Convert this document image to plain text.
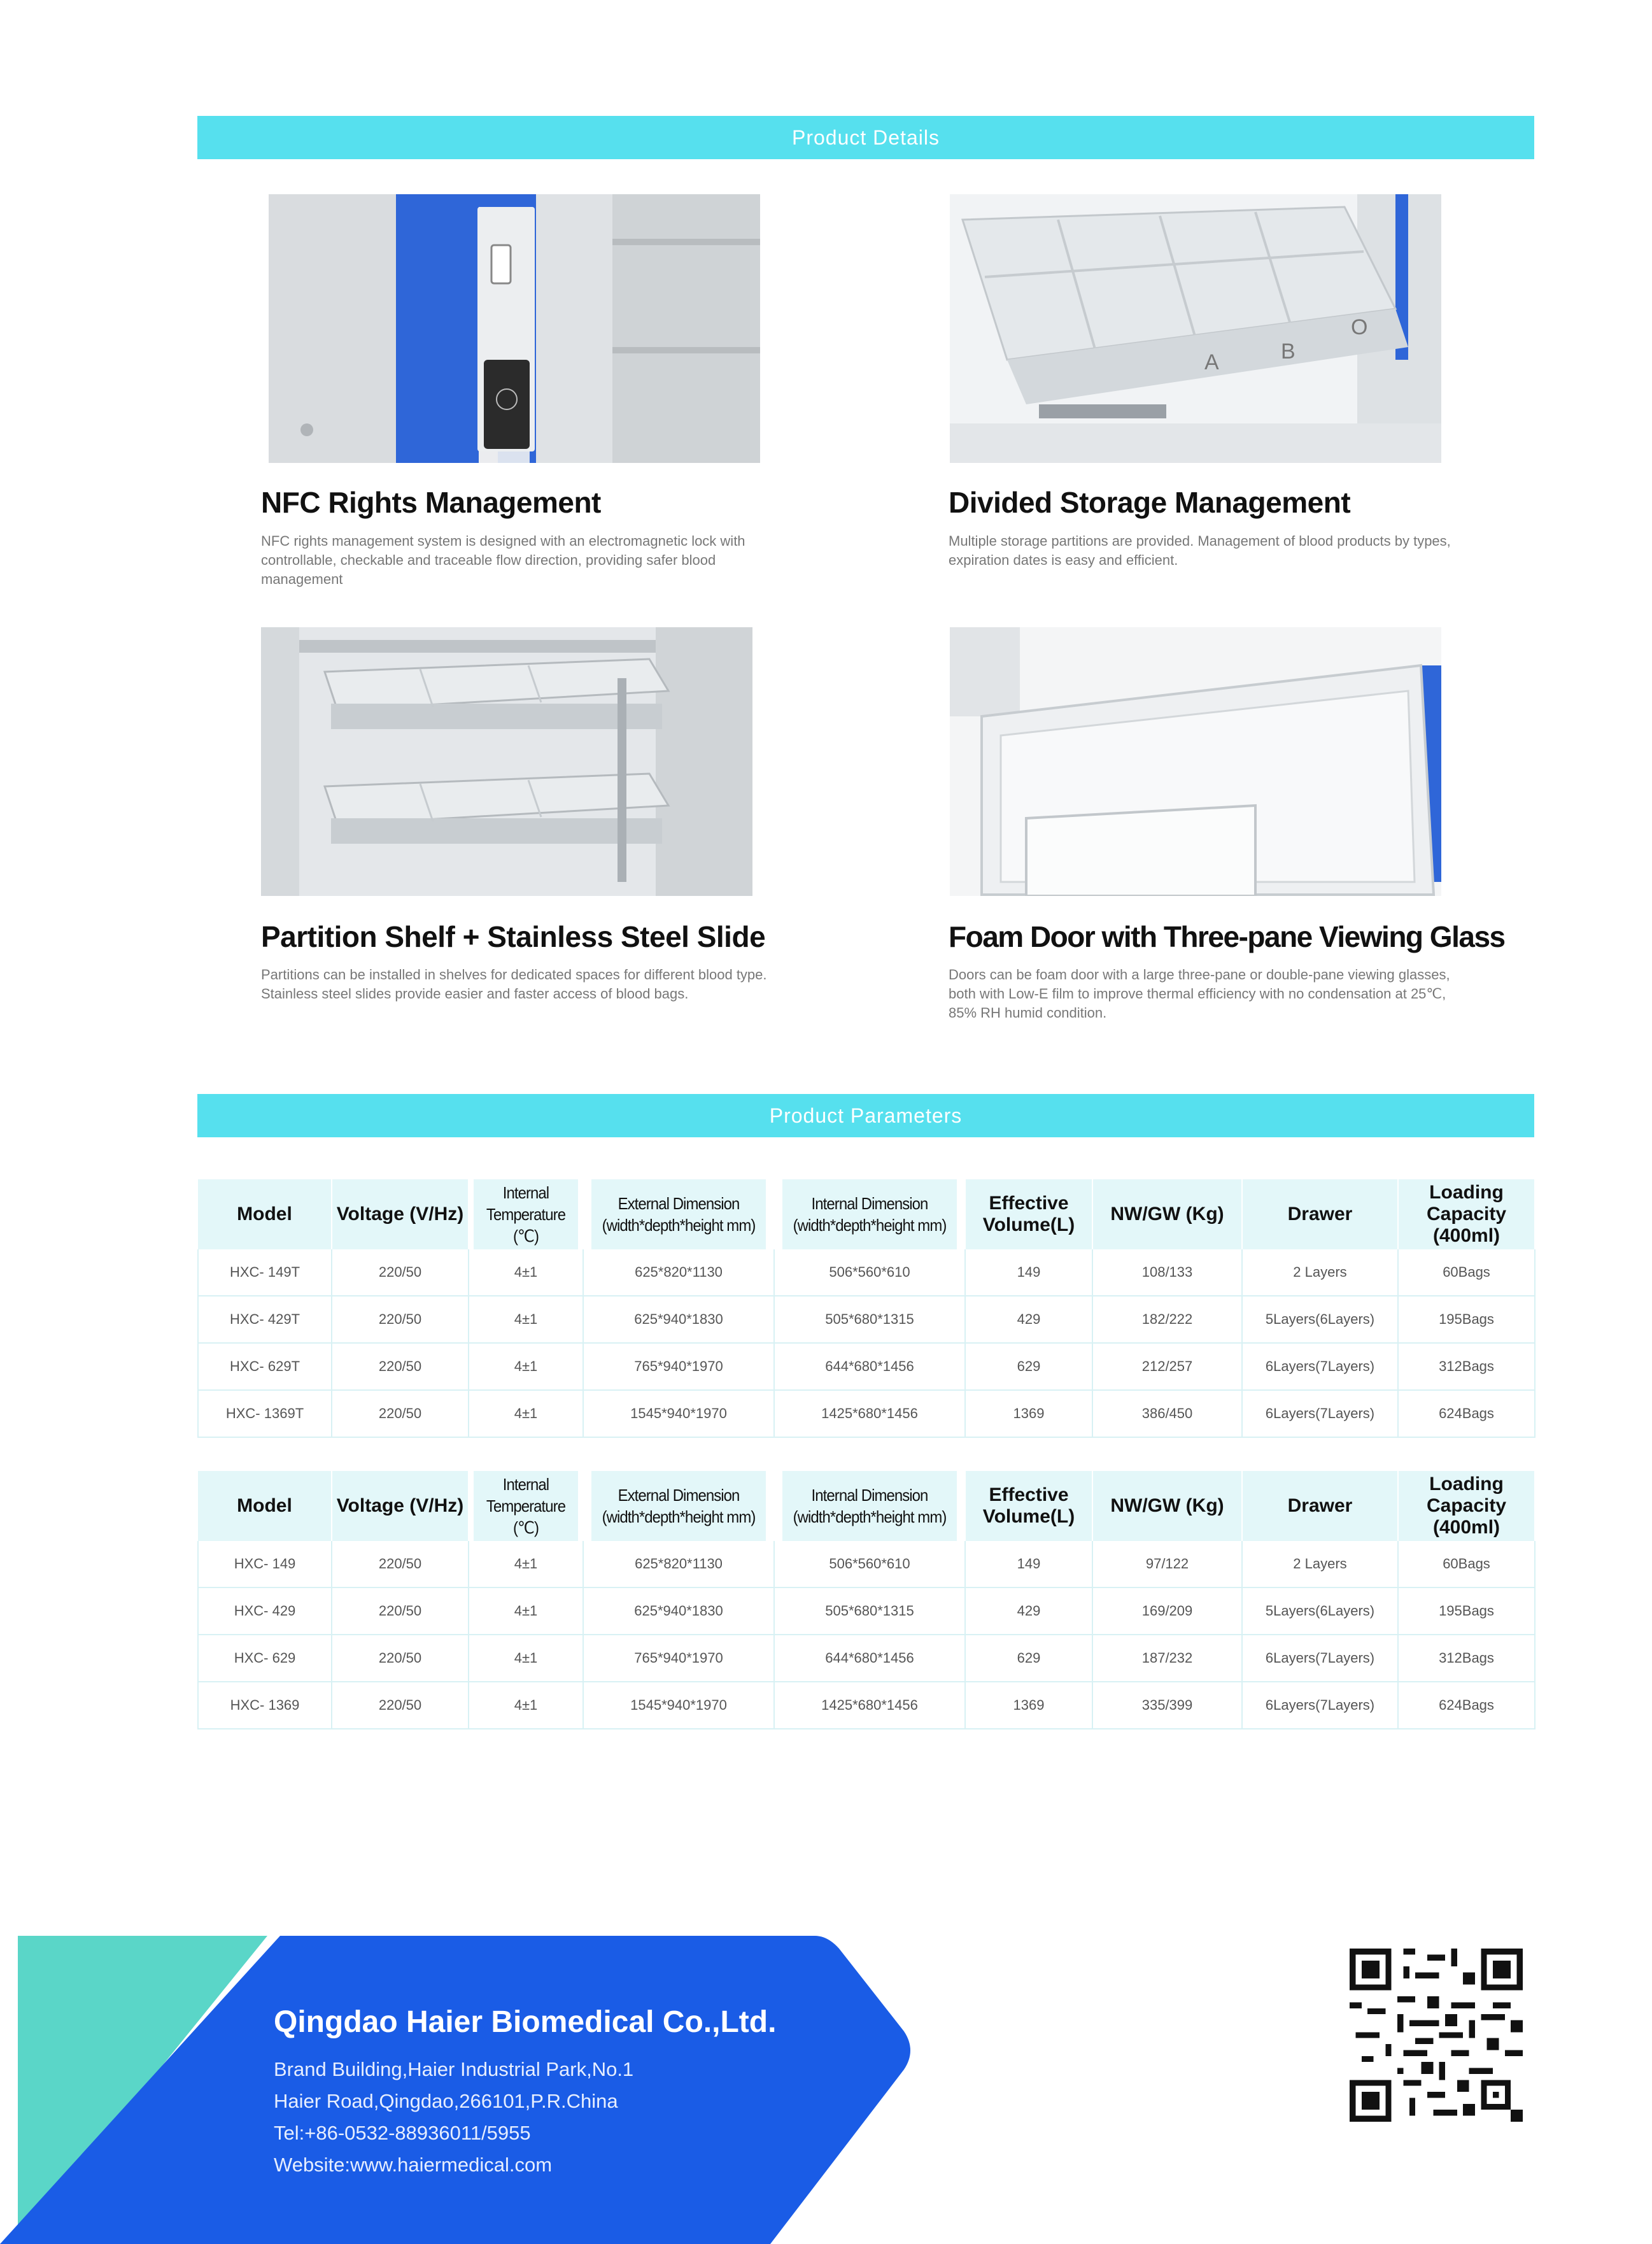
Product Details
A	B
O
NFC Rights Management
NFC rights management system is designed with an electromagnetic lock with controllable, checkable and traceable flow direction, providing safer blood management
Divided Storage Management
Multiple storage partitions are provided. Management of blood products by types, expiration dates is easy and efficient.
Partition Shelf + Stainless Steel Slide
Partitions can be installed in shelves for dedicated spaces for different blood type. Stainless steel slides provide easier and faster access of blood bags.
Foam Door with Three-pane Viewing Glass
Doors can be foam door with a large three-pane or double-pane viewing glasses, both with Low-E film to improve thermal efficiency with no condensation at 25℃, 85% RH humid condition.
Product Parameters
Model	Voltage (V/Hz)	Internal Temperature (℃)	External Dimension (width*depth*height mm)	Internal Dimension (width*depth*height mm)	Effective Volume(L)	NW/GW (Kg)	Drawer	Loading Capacity (400ml)
HXC- 149T	220/50	4±1	625*820*1130	506*560*610	149	108/133	2 Layers	60Bags
HXC- 429T	220/50	4±1	625*940*1830	505*680*1315	429	182/222	5Layers(6Layers)	195Bags
HXC- 629T	220/50	4±1	765*940*1970	644*680*1456	629	212/257	6Layers(7Layers)	312Bags
HXC- 1369T	220/50	4±1	1545*940*1970	1425*680*1456	1369	386/450	6Layers(7Layers)	624Bags
Model	Voltage (V/Hz)	Internal Temperature (℃)	External Dimension (width*depth*height mm)	Internal Dimension (width*depth*height mm)	Effective Volume(L)	NW/GW (Kg)	Drawer	Loading Capacity (400ml)
HXC- 149	220/50	4±1	625*820*1130	506*560*610	149	97/122	2 Layers	60Bags
HXC- 429	220/50	4±1	625*940*1830	505*680*1315	429	169/209	5Layers(6Layers)	195Bags
HXC- 629	220/50	4±1	765*940*1970	644*680*1456	629	187/232	6Layers(7Layers)	312Bags
HXC- 1369	220/50	4±1	1545*940*1970	1425*680*1456	1369	335/399	6Layers(7Layers)	624Bags
Qingdao Haier Biomedical Co.,Ltd.
Brand Building,Haier Industrial Park,No.1
Haier Road,Qingdao,266101,P.R.China
Tel:+86-0532-88936011/5955
Website:www.haiermedical.com
